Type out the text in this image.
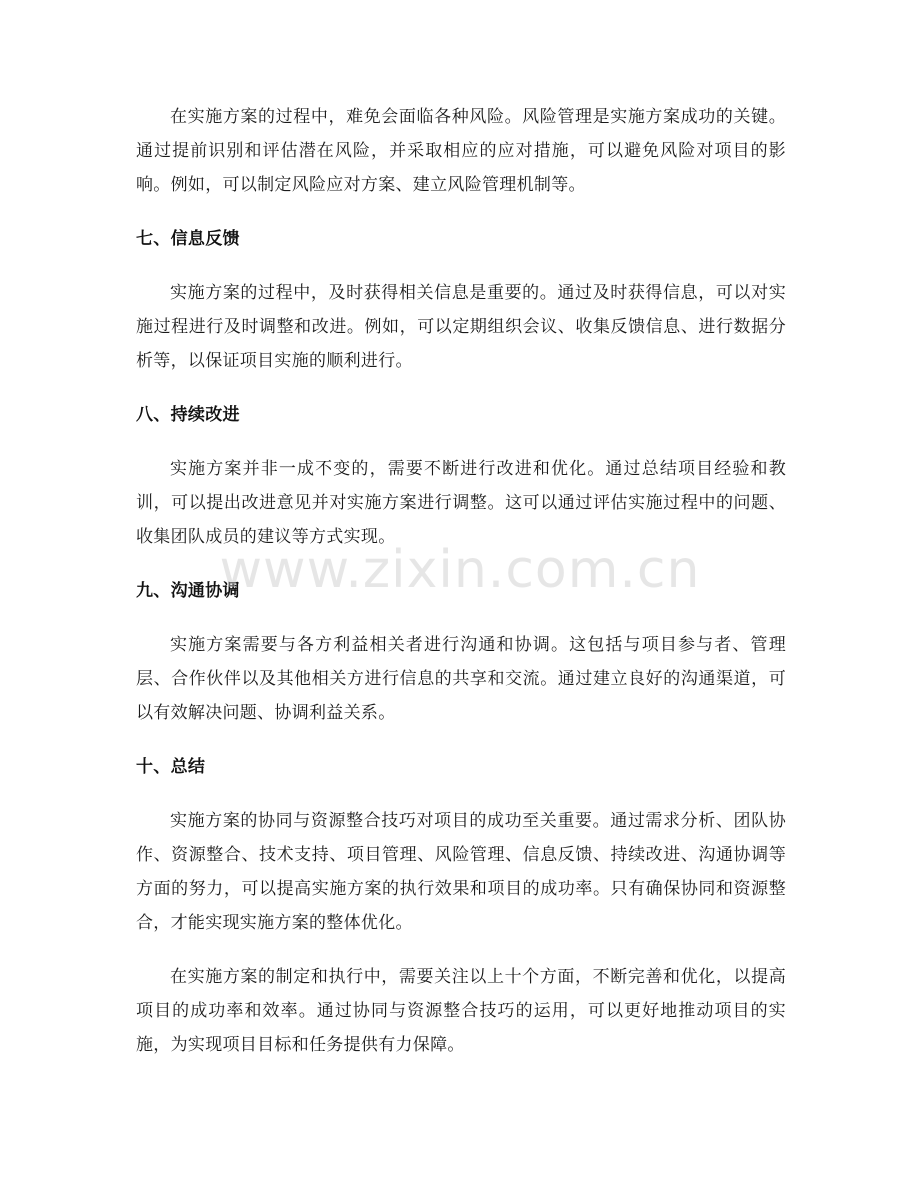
在实施方案的过程中，难免会面临各种风险。风险管理是实施方案成功的关键。通过提前识别和评估潜在风险，并采取相应的应对措施，可以避免风险对项目的影响。例如，可以制定风险应对方案、建立风险管理机制等。

七、信息反馈

实施方案的过程中，及时获得相关信息是重要的。通过及时获得信息，可以对实施过程进行及时调整和改进。例如，可以定期组织会议、收集反馈信息、进行数据分析等，以保证项目实施的顺利进行。

八、持续改进

实施方案并非一成不变的，需要不断进行改进和优化。通过总结项目经验和教训，可以提出改进意见并对实施方案进行调整。这可以通过评估实施过程中的问题、收集团队成员的建议等方式实现。

九、沟通协调

实施方案需要与各方利益相关者进行沟通和协调。这包括与项目参与者、管理层、合作伙伴以及其他相关方进行信息的共享和交流。通过建立良好的沟通渠道，可以有效解决问题、协调利益关系。

十、总结

实施方案的协同与资源整合技巧对项目的成功至关重要。通过需求分析、团队协作、资源整合、技术支持、项目管理、风险管理、信息反馈、持续改进、沟通协调等方面的努力，可以提高实施方案的执行效果和项目的成功率。只有确保协同和资源整合，才能实现实施方案的整体优化。

在实施方案的制定和执行中，需要关注以上十个方面，不断完善和优化，以提高项目的成功率和效率。通过协同与资源整合技巧的运用，可以更好地推动项目的实施，为实现项目目标和任务提供有力保障。

www.zixin.com.cn
